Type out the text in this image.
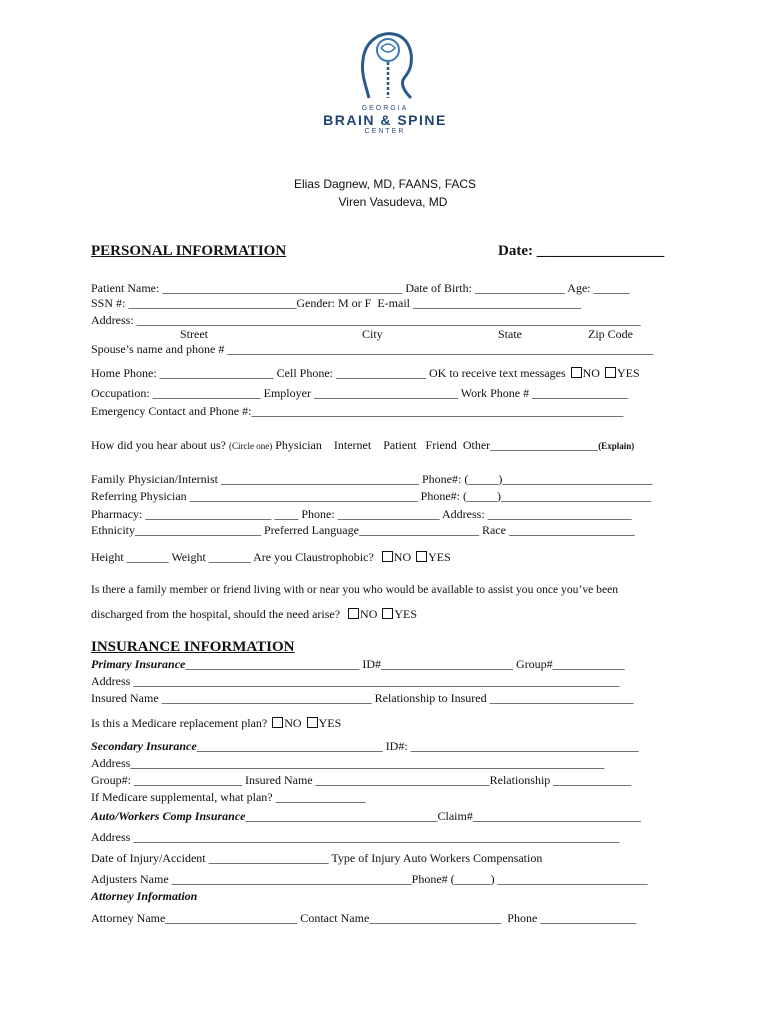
GEORGIA
BRAIN & SPINE
CENTER
Elias Dagnew, MD, FAANS, FACS
Viren Vasudeva, MD
PERSONAL INFORMATION	Date: _________________
Patient Name: ________________________________________ Date of Birth: _______________ Age: ______
SSN #: ____________________________Gender: M or F  E-mail ____________________________
Address: ____________________________________________________________________________________
Street	City	State	Zip Code
Spouse’s name and phone # _______________________________________________________________________
Home Phone: ___________________ Cell Phone: _______________ OK to receive text messages NO YES
Occupation: __________________ Employer ________________________ Work Phone # ________________
Emergency Contact and Phone #:______________________________________________________________
How did you hear about us? (Circle one) Physician    Internet    Patient   Friend  Other__________________(Explain)
Family Physician/Internist _________________________________ Phone#: (_____)_________________________
Referring Physician ______________________________________ Phone#: (_____)_________________________
Pharmacy: _____________________ ____ Phone: _________________ Address: ________________________
Ethnicity_____________________ Preferred Language____________________ Race _____________________
Height _______ Weight _______ Are you Claustrophobic?  NO YES
Is there a family member or friend living with or near you who would be available to assist you once you’ve been
discharged from the hospital, should the need arise?  NO YES
INSURANCE INFORMATION
Primary Insurance_____________________________ ID#______________________ Group#____________
Address _________________________________________________________________________________
Insured Name ___________________________________ Relationship to Insured ________________________
Is this a Medicare replacement plan? NO YES
Secondary Insurance_______________________________ ID#: ______________________________________
Address_______________________________________________________________________________
Group#: __________________ Insured Name _____________________________Relationship _____________
If Medicare supplemental, what plan? _______________
Auto/Workers Comp Insurance________________________________Claim#____________________________
Address _________________________________________________________________________________
Date of Injury/Accident ____________________ Type of Injury Auto Workers Compensation
Adjusters Name ________________________________________Phone# (______) _________________________
Attorney Information
Attorney Name______________________ Contact Name______________________  Phone ________________
